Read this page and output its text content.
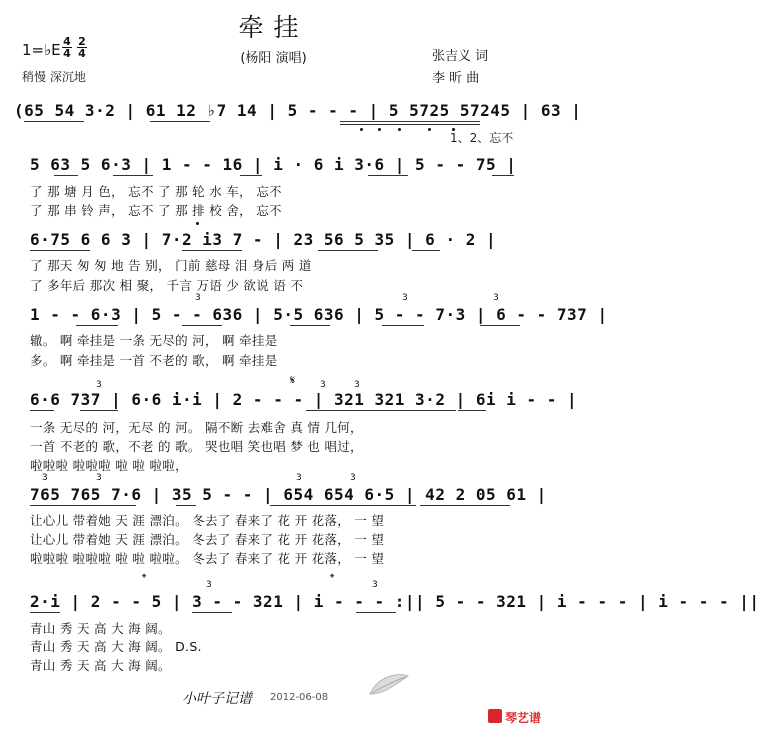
牵挂
(杨阳 演唱)
1=♭E $\frac{4}{4} \frac{2}{4}$
稍慢 深沉地
张吉义 词
李 昕 曲
(65 54 3·2 | 61 12 ♭7 14 | 5 - - - | 5 5725 57245 | 63 |
1、2、忘不
5 63 5 6·3 | 1 - - 16 | i · 6 i 3·6 | 5 - - 75 |
了 那 塘 月 色， 忘不 了 那 轮 水 车， 忘不
了 那 串 铃 声， 忘不 了 那 排 校 舍， 忘不
6·75 6 6 3 | 7·2 i3 7 - | 23 56 5 35 | 6 · 2 |
了 那天 匆 匆 地 告 别， 门前 慈母 泪 身后 两 道
了 多年后 那次 相 聚， 千言 万语 少 欲说 语 不
1 - - 6·3 | 5 - - 636 | 5·5 636 | 5 - - 7·3 | 6 - - 737 |
3	3	3
辙。 啊 牵挂是 一条 无尽的 河， 啊 牵挂是
多。 啊 牵挂是 一首 不老的 歌， 啊 牵挂是
𝄋
6·6 737 | 6·6 i·i | 2 - - - | 321 321 3·2 | 6i i - - |
3	3	3
一条 无尽的 河，无尽 的 河。 隔不断 去难舍 真 情 几何，
一首 不老的 歌，不老 的 歌。 哭也唱 笑也唱 梦 也 唱过，
啦啦啦 啦啦啦 啦 啦 啦啦，
765 765 7·6 | 35 5 - - | 654 654 6·5 | 42 2 05 61 |
3	3	3	3
让心儿 带着她 天 涯 漂泊。 冬去了 春来了 花 开 花落， 一 望
让心儿 带着她 天 涯 漂泊。 冬去了 春来了 花 开 花落， 一 望
啦啦啦 啦啦啦 啦 啦 啦啦。 冬去了 春来了 花 开 花落， 一 望
𝄌	𝄌
2·i | 2 - - 5 | 3 - - 321 | i - - - :|| 5 - - 321 | i - - - | i - - - ||
3	3
青山 秀 天 高 大 海 阔。
青山 秀 天 高 大 海 阔。 D.S.
青山 秀 天 高 大 海 阔。
小叶子记谱 2012-06-08
琴艺谱
